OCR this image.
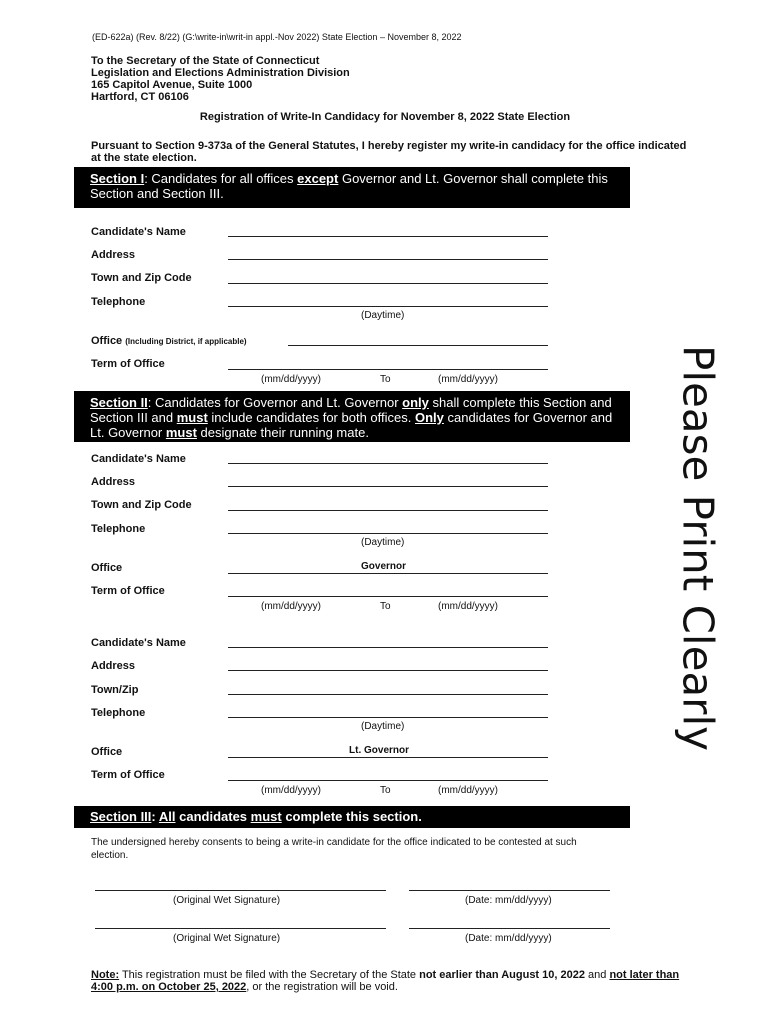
(ED-622a) (Rev. 8/22) (G:\write-in\writ-in appl.-Nov 2022) State Election – November 8, 2022
To the Secretary of the State of Connecticut
Legislation and Elections Administration Division
165 Capitol Avenue, Suite 1000
Hartford, CT 06106
Registration of Write-In Candidacy for November 8, 2022 State Election
Pursuant to Section 9-373a of the General Statutes, I hereby register my write-in candidacy for the office indicated at the state election.
Please Print Clearly
Section I: Candidates for all offices except Governor and Lt. Governor shall complete this Section and Section III.
Candidate's Name
Address
Town and Zip Code
Telephone
(Daytime)
Office (Including District, if applicable)
Term of Office
(mm/dd/yyyy)	To	(mm/dd/yyyy)
Section II: Candidates for Governor and Lt. Governor only shall complete this Section and Section III and must include candidates for both offices. Only candidates for Governor and Lt. Governor must designate their running mate.
Candidate's Name
Address
Town and Zip Code
Telephone
(Daytime)
Office	Governor
Term of Office
(mm/dd/yyyy)	To	(mm/dd/yyyy)
Candidate's Name
Address
Town/Zip
Telephone
(Daytime)
Office	Lt. Governor
Term of Office
(mm/dd/yyyy)	To	(mm/dd/yyyy)
Section III: All candidates must complete this section.
The undersigned hereby consents to being a write-in candidate for the office indicated to be contested at such election.
(Original Wet Signature)	(Date: mm/dd/yyyy)
(Original Wet Signature)	(Date: mm/dd/yyyy)
Note: This registration must be filed with the Secretary of the State not earlier than August 10, 2022 and not later than 4:00 p.m. on October 25, 2022, or the registration will be void.
